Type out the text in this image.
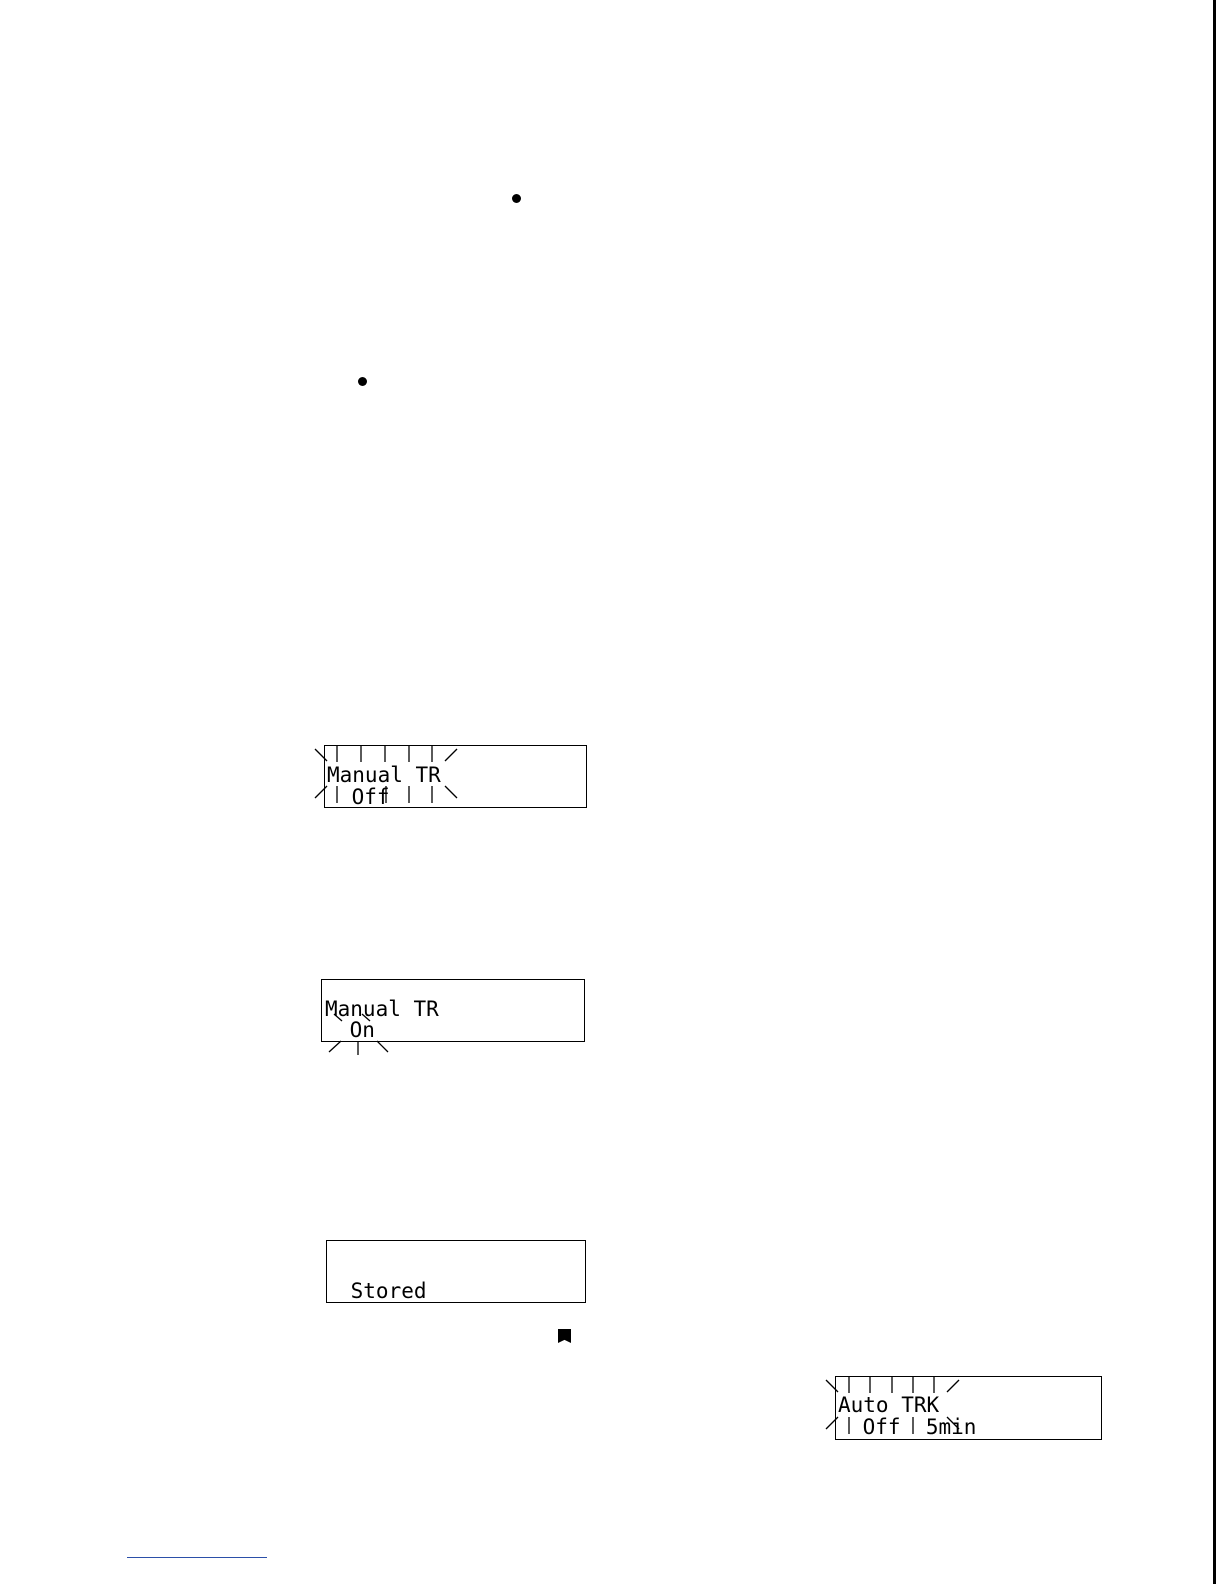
Manual TR
Off
Manual TR
On
Stored
Auto TRK
Off  5min
